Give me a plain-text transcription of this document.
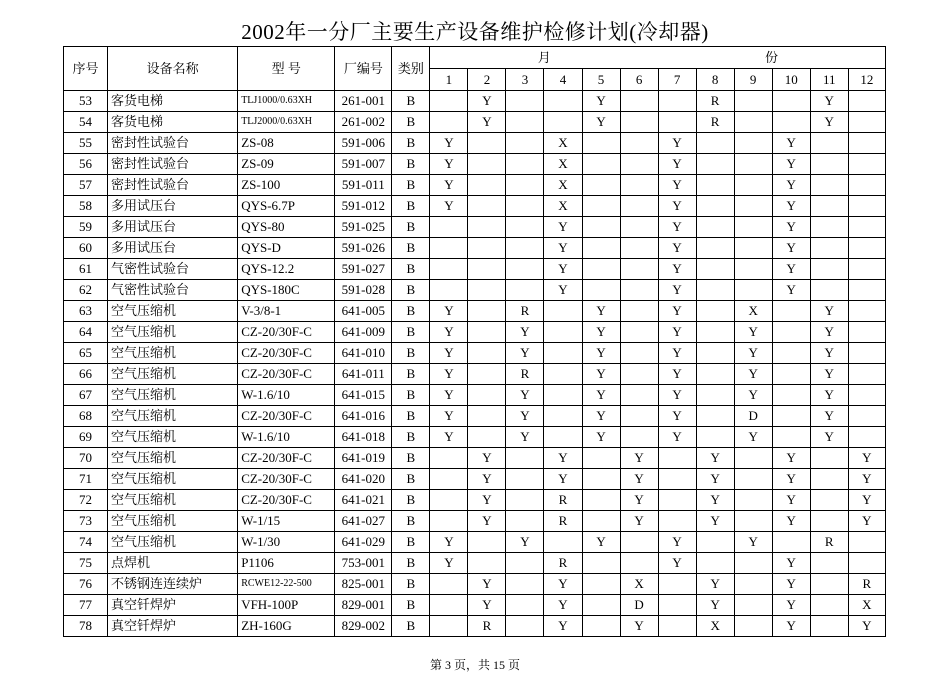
2002年一分厂主要生产设备维护检修计划(冷却器)
序号	设备名称	型 号	厂编号	类别	月						份					
					1	2	3	4	5	6	7	8	9	10	11	12
53	客货电梯	TLJ1000/0.63XH	261-001	B		Y			Y			R			Y	
54	客货电梯	TLJ2000/0.63XH	261-002	B		Y			Y			R			Y	
55	密封性试验台	ZS-08	591-006	B	Y			X			Y			Y		
56	密封性试验台	ZS-09	591-007	B	Y			X			Y			Y		
57	密封性试验台	ZS-100	591-011	B	Y			X			Y			Y		
58	多用试压台	QYS-6.7P	591-012	B	Y			X			Y			Y		
59	多用试压台	QYS-80	591-025	B				Y			Y			Y		
60	多用试压台	QYS-D	591-026	B				Y			Y			Y		
61	气密性试验台	QYS-12.2	591-027	B				Y			Y			Y		
62	气密性试验台	QYS-180C	591-028	B				Y			Y			Y		
63	空气压缩机	V-3/8-1	641-005	B	Y		R		Y		Y		X		Y	
64	空气压缩机	CZ-20/30F-C	641-009	B	Y		Y		Y		Y		Y		Y	
65	空气压缩机	CZ-20/30F-C	641-010	B	Y		Y		Y		Y		Y		Y	
66	空气压缩机	CZ-20/30F-C	641-011	B	Y		R		Y		Y		Y		Y	
67	空气压缩机	W-1.6/10	641-015	B	Y		Y		Y		Y		Y		Y	
68	空气压缩机	CZ-20/30F-C	641-016	B	Y		Y		Y		Y		D		Y	
69	空气压缩机	W-1.6/10	641-018	B	Y		Y		Y		Y		Y		Y	
70	空气压缩机	CZ-20/30F-C	641-019	B		Y		Y		Y		Y		Y		Y
71	空气压缩机	CZ-20/30F-C	641-020	B		Y		Y		Y		Y		Y		Y
72	空气压缩机	CZ-20/30F-C	641-021	B		Y		R		Y		Y		Y		Y
73	空气压缩机	W-1/15	641-027	B		Y		R		Y		Y		Y		Y
74	空气压缩机	W-1/30	641-029	B	Y		Y		Y		Y		Y		R	
75	点焊机	P1106	753-001	B	Y			R			Y			Y		
76	不锈钢连连续炉	RCWE12-22-500	825-001	B		Y		Y		X		Y		Y		R
77	真空钎焊炉	VFH-100P	829-001	B		Y		Y		D		Y		Y		X
78	真空钎焊炉	ZH-160G	829-002	B		R		Y		Y		X		Y		Y
第 3 页，共 15 页
